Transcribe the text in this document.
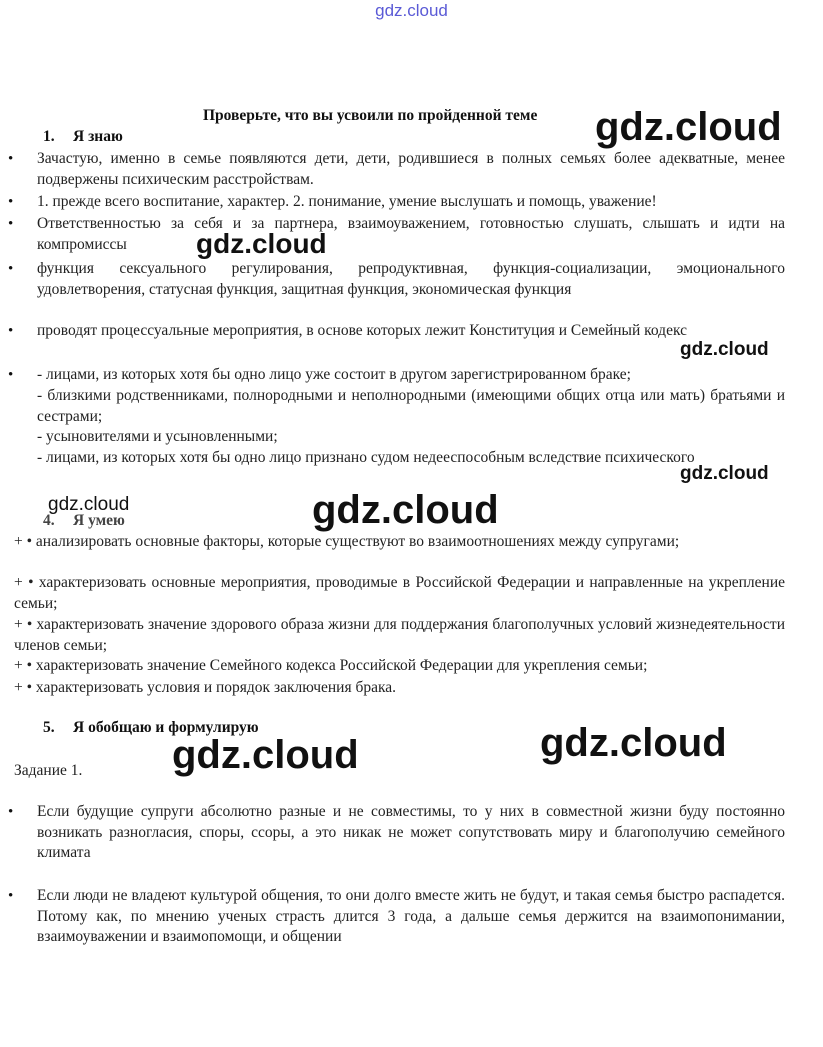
gdz.cloud
Проверьте, что вы усвоили по пройденной теме
1. Я знаю
• Зачастую, именно в семье появляются дети, дети, родившиеся в полных семьях более адекватные, менее подвержены психическим расстройствам.
• 1. прежде всего воспитание, характер. 2. понимание, умение выслушать и помощь, уважение!
• Ответственностью за себя и за партнера, взаимоуважением, готовностью слушать, слышать и идти на компромиссы
• функция сексуального регулирования, репродуктивная, функция-социализации, эмоционального удовлетворения, статусная функция, защитная функция, экономическая функция
• проводят процессуальные мероприятия, в основе которых лежит Конституция и Семейный кодекс
• - лицами, из которых хотя бы одно лицо уже состоит в другом зарегистрированном браке;
- близкими родственниками, полнородными и неполнородными (имеющими общих отца или мать) братьями и сестрами;
- усыновителями и усыновленными;
- лицами, из которых хотя бы одно лицо признано судом недееспособным вследствие психического
4. Я умею
+ • анализировать основные факторы, которые существуют во взаимоотношениях между супругами;
+ • характеризовать основные мероприятия, проводимые в Российской Федерации и направленные на укрепление семьи;
+ • характеризовать значение здорового образа жизни для поддержания благополучных условий жизнедеятельности членов семьи;
+ • характеризовать значение Семейного кодекса Российской Федерации для укрепления семьи;
+ • характеризовать условия и порядок заключения брака.
5. Я обобщаю и формулирую
Задание 1.
• Если будущие супруги абсолютно разные и не совместимы, то у них в совместной жизни буду постоянно возникать разногласия, споры, ссоры, а это никак не может сопутствовать миру и благополучию семейного климата
• Если люди не владеют культурой общения, то они долго вместе жить не будут, и такая семья быстро распадется. Потому как, по мнению ученых страсть длится 3 года, а дальше семья держится на взаимопонимании, взаимоуважении и взаимопомощи, и общении
gdz.cloud
gdz.cloud
gdz.cloud
gdz.cloud
gdz.cloud	gdz.cloud
gdz.cloud	gdz.cloud
